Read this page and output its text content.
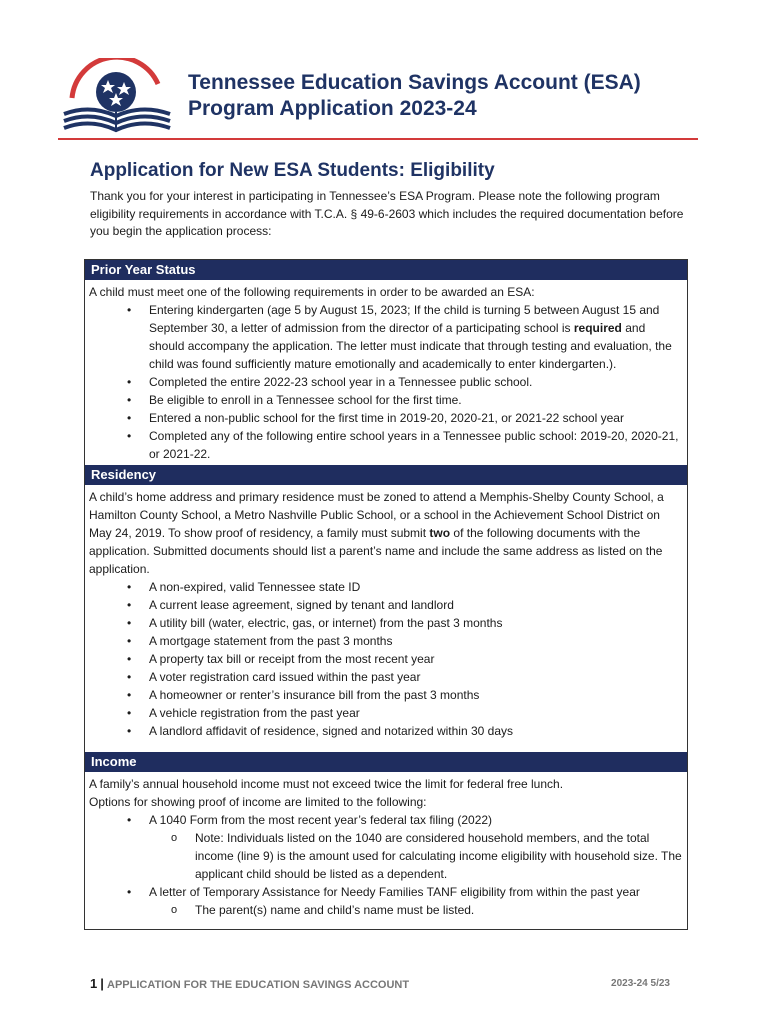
Tennessee Education Savings Account (ESA)
Program Application 2023-24
Application for New ESA Students: Eligibility
Thank you for your interest in participating in Tennessee’s ESA Program. Please note the following program eligibility requirements in accordance with T.C.A. § 49-6-2603 which includes the required documentation before you begin the application process:
Prior Year Status

A child must meet one of the following requirements in order to be awarded an ESA:

• Entering kindergarten (age 5 by August 15, 2023; If the child is turning 5 between August 15 and September 30, a letter of admission from the director of a participating school is required and should accompany the application. The letter must indicate that through testing and evaluation, the child was found sufficiently mature emotionally and academically to enter kindergarten.).
• Completed the entire 2022-23 school year in a Tennessee public school.
• Be eligible to enroll in a Tennessee school for the first time.
• Entered a non-public school for the first time in 2019-20, 2020-21, or 2021-22 school year
• Completed any of the following entire school years in a Tennessee public school: 2019-20, 2020-21, or 2021-22.
Residency

A child’s home address and primary residence must be zoned to attend a Memphis-Shelby County School, a Hamilton County School, a Metro Nashville Public School, or a school in the Achievement School District on May 24, 2019. To show proof of residency, a family must submit two of the following documents with the application. Submitted documents should list a parent’s name and include the same address as listed on the application.

• A non-expired, valid Tennessee state ID
• A current lease agreement, signed by tenant and landlord
• A utility bill (water, electric, gas, or internet) from the past 3 months
• A mortgage statement from the past 3 months
• A property tax bill or receipt from the most recent year
• A voter registration card issued within the past year
• A homeowner or renter’s insurance bill from the past 3 months
• A vehicle registration from the past year
• A landlord affidavit of residence, signed and notarized within 30 days
Income

A family’s annual household income must not exceed twice the limit for federal free lunch.

Options for showing proof of income are limited to the following:

• A 1040 Form from the most recent year’s federal tax filing (2022)
o Note: Individuals listed on the 1040 are considered household members, and the total income (line 9) is the amount used for calculating income eligibility with household size. The applicant child should be listed as a dependent.
• A letter of Temporary Assistance for Needy Families TANF eligibility from within the past year
o The parent(s) name and child’s name must be listed.
1 | APPLICATION FOR THE EDUCATION SAVINGS ACCOUNT	2023-24 5/23
